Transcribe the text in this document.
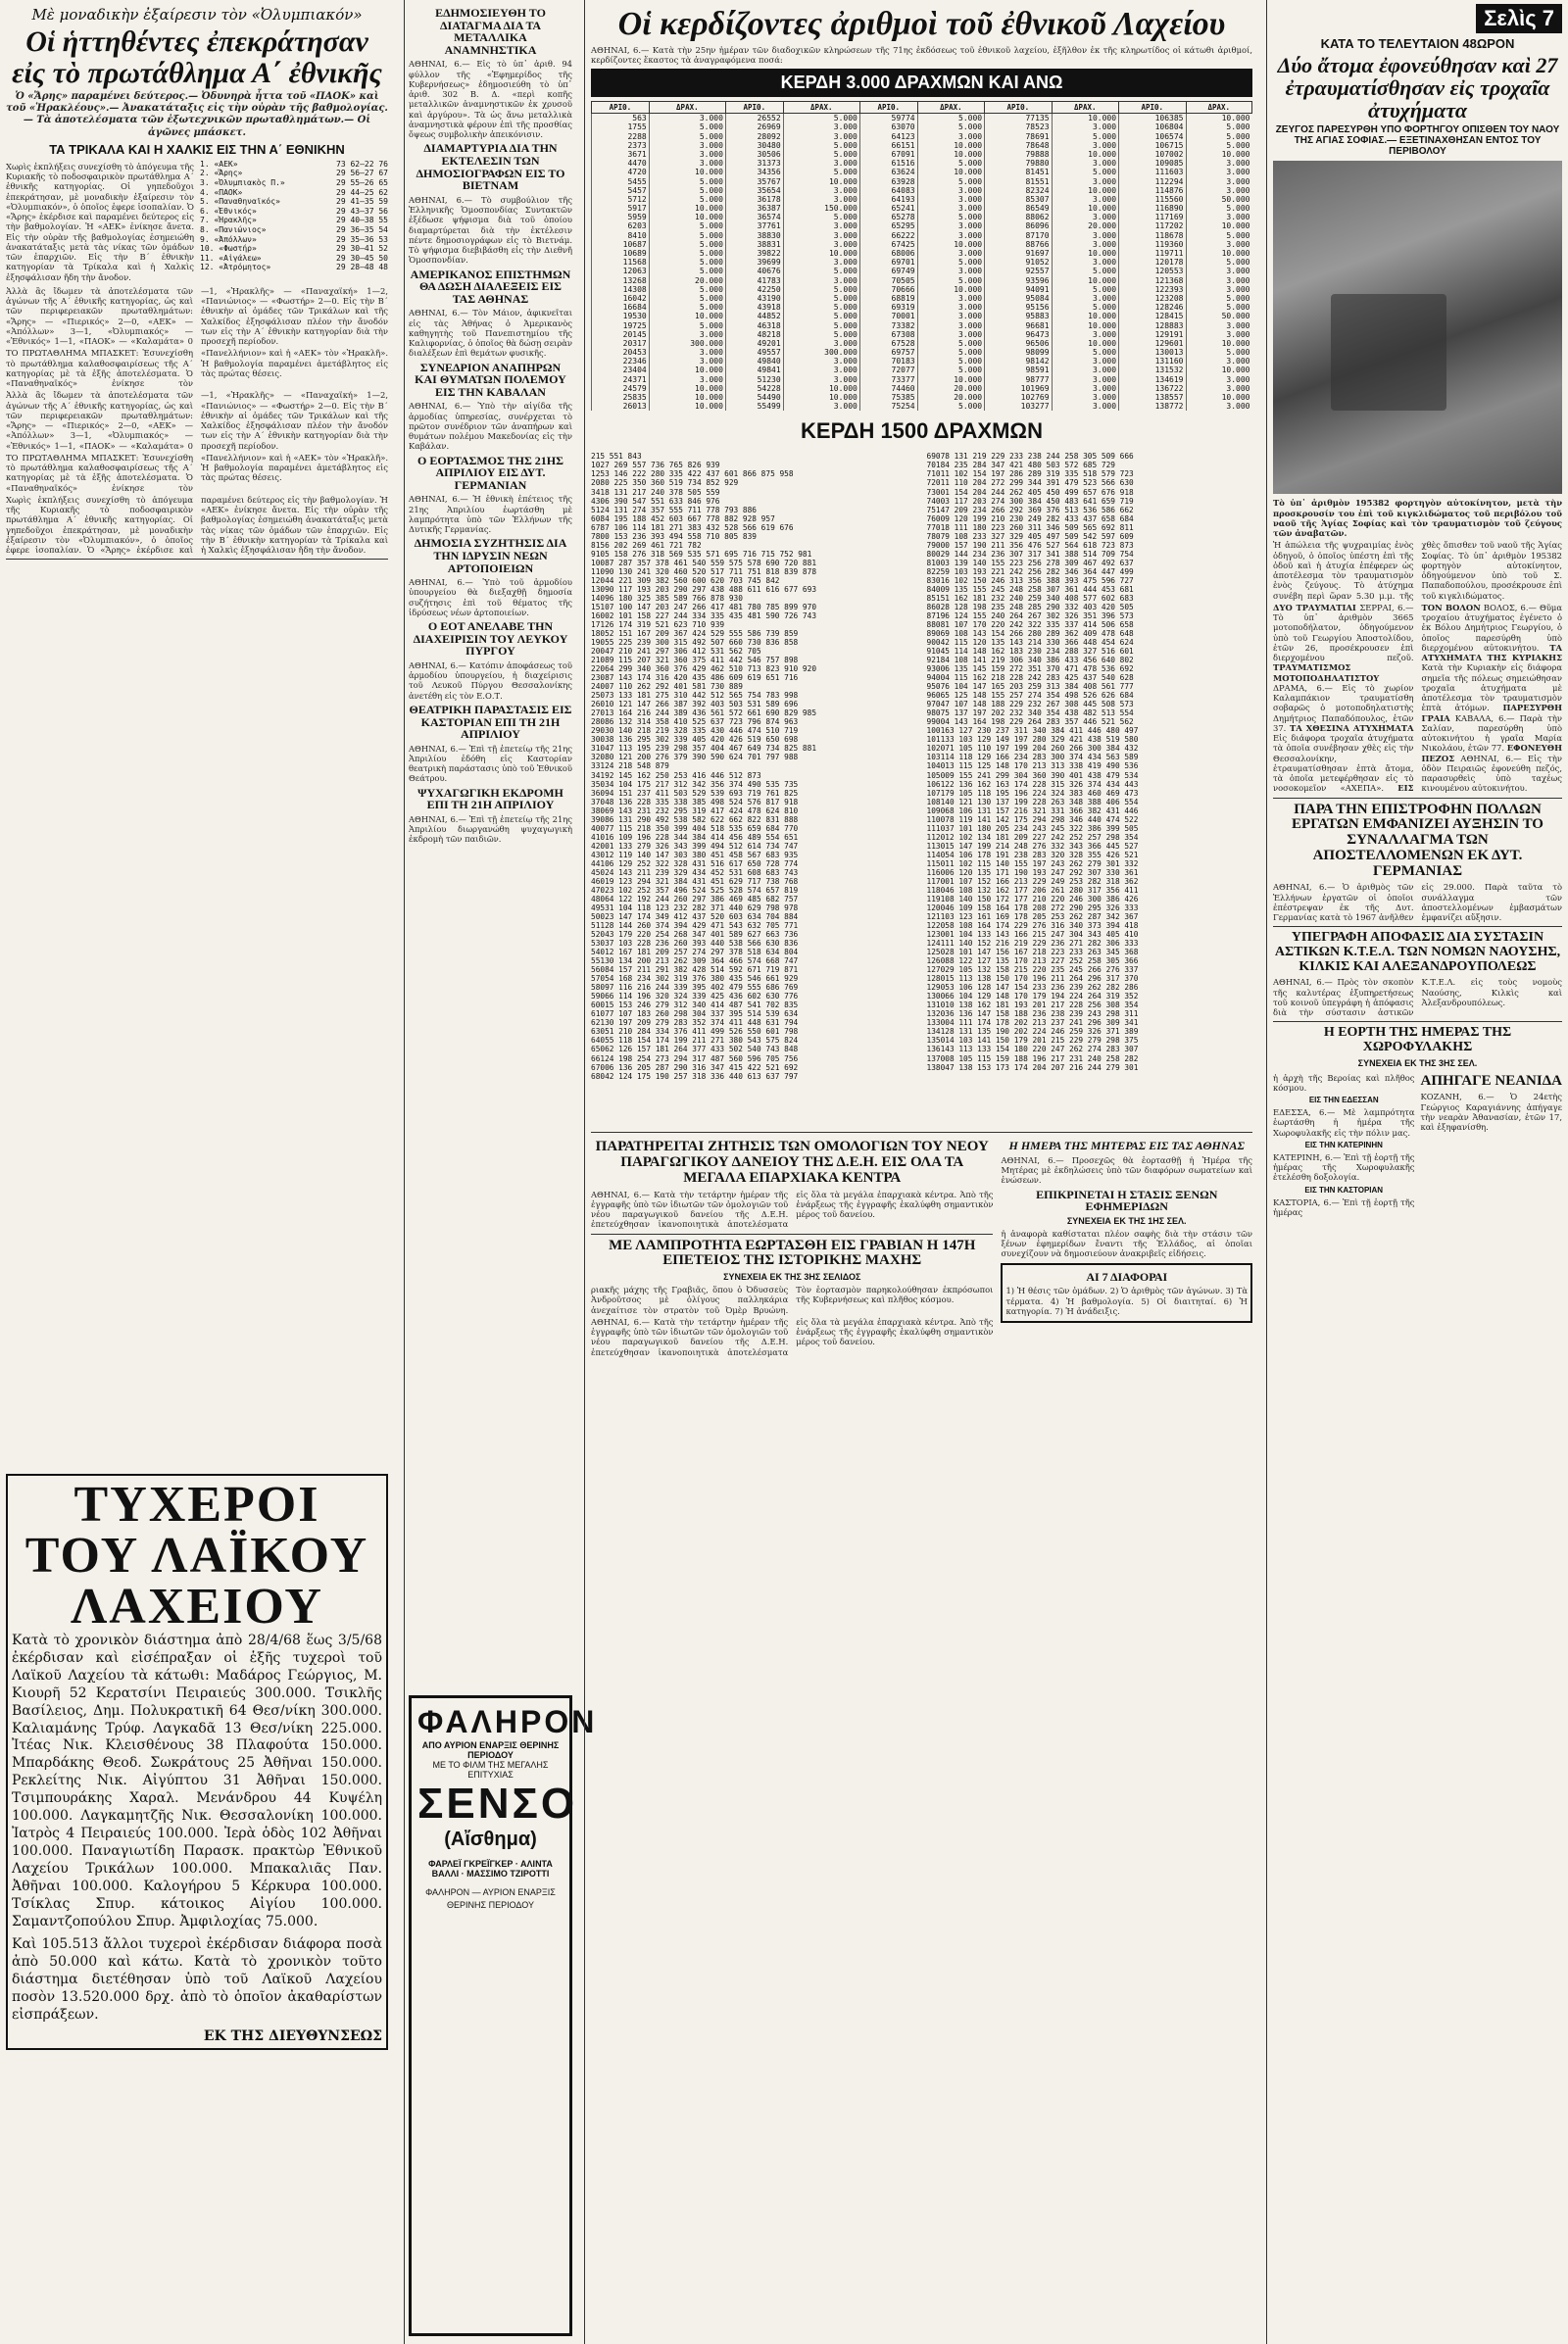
Μὲ μοναδικὴν ἐξαίρεσιν τὸν «Ὀλυμπιακόν»
Οἱ ἡττηθέντες ἐπεκράτησαν εἰς τὸ πρωτάθλημα Α΄ ἐθνικῆς
Ὁ «Ἄρης» παραμένει δεύτερος.— Ὀδυνηρὰ ἧττα τοῦ «ΠΑΟΚ» καὶ τοῦ «Ἡρακλέους».— Ἀνακατάταξις εἰς τὴν οὐρὰν τῆς βαθμολογίας.— Τὰ ἀποτελέσματα τῶν ἐξωτεχνικῶν πρωταθλημάτων.— Οἱ ἀγῶνες μπάσκετ.
ΤΑ ΤΡΙΚΑΛΑ ΚΑΙ Η ΧΑΛΚΙΣ ΕΙΣ ΤΗΝ Α΄ ΕΘΝΙΚΗΝ
Χωρὶς ἐκπλήξεις συνεχίσθη τὸ ἀπόγευμα τῆς Κυριακῆς τὸ ποδοσφαιρικὸν πρωτάθλημα Α΄ ἐθνικῆς κατηγορίας. Οἱ γηπεδοῦχοι ἐπεκράτησαν, μὲ μοναδικὴν ἐξαίρεσιν τὸν «Ὀλυμπιακόν», ὁ ὁποῖος ἐφερε ἰσοπαλίαν. Ὁ «Ἄρης» ἐκέρδισε καὶ παραμένει δεύτερος εἰς τὴν βαθμολογίαν. Ἡ «ΑΕΚ» ἐνίκησε ἄνετα. Εἰς τὴν οὐρὰν τῆς βαθμολογίας ἐσημειώθη ἀνακατάταξις μετὰ τὰς νίκας τῶν ὁμάδων τῶν ἐπαρχιῶν. Εἰς τὴν Β΄ ἐθνικὴν κατηγορίαν τὰ Τρίκαλα καὶ ἡ Χαλκὶς ἐξησφάλισαν ἤδη τὴν ἄνοδον.
1. «ΑΕΚ»	73 62—22 76
2. «Ἄρης»	29 56—27 67
3. «Ὀλυμπιακὸς Π.»	29 55—26 65
4. «ΠΑΟΚ»	29 44—25 62
5. «Παναθηναϊκός»	29 41—35 59
6. «Ἐθνικός»	29 43—37 56
7. «Ἠρακλῆς»	29 40—38 55
8. «Πανιώνιος»	29 36—35 54
9. «Ἀπόλλων»	29 35—36 53
10. «Φωστήρ»	29 30—41 52
11. «Αἰγάλεω»	29 30—45 50
12. «Ἀτρόμητος»	29 28—48 48
Ἀλλὰ ἂς ἴδωμεν τὰ ἀποτελέσματα τῶν ἀγώνων τῆς Α΄ ἐθνικῆς κατηγορίας, ὡς καὶ τῶν περιφερειακῶν πρωταθλημάτων: «Ἄρης» — «Πιερικός» 2—0, «ΑΕΚ» — «Ἀπόλλων» 3—1, «Ὀλυμπιακός» — «Ἐθνικός» 1—1, «ΠΑΟΚ» — «Καλαμάτα» 0—1, «Ἠρακλῆς» — «Παναχαϊκή» 1—2, «Πανιώνιος» — «Φωστήρ» 2—0. Εἰς τὴν Β΄ ἐθνικὴν αἱ ὁμάδες τῶν Τρικάλων καὶ τῆς Χαλκίδος ἐξησφάλισαν πλέον τὴν ἄνοδόν των εἰς τὴν Α΄ ἐθνικὴν κατηγορίαν διὰ τὴν προσεχῆ περίοδον.
ΤΟ ΠΡΩΤΑΘΛΗΜΑ ΜΠΑΣΚΕΤ: Ἐσυνεχίσθη τὸ πρωτάθλημα καλαθοσφαιρίσεως τῆς Α΄ κατηγορίας μὲ τὰ ἑξῆς ἀποτελέσματα. Ὁ «Παναθηναϊκός» ἐνίκησε τὸν «Πανελλήνιον» καὶ ἡ «ΑΕΚ» τὸν «Ἠρακλῆ». Ἡ βαθμολογία παραμένει ἀμετάβλητος εἰς τὰς πρώτας θέσεις.
Ἀλλὰ ἂς ἴδωμεν τὰ ἀποτελέσματα τῶν ἀγώνων τῆς Α΄ ἐθνικῆς κατηγορίας, ὡς καὶ τῶν περιφερειακῶν πρωταθλημάτων: «Ἄρης» — «Πιερικός» 2—0, «ΑΕΚ» — «Ἀπόλλων» 3—1, «Ὀλυμπιακός» — «Ἐθνικός» 1—1, «ΠΑΟΚ» — «Καλαμάτα» 0—1, «Ἠρακλῆς» — «Παναχαϊκή» 1—2, «Πανιώνιος» — «Φωστήρ» 2—0. Εἰς τὴν Β΄ ἐθνικὴν αἱ ὁμάδες τῶν Τρικάλων καὶ τῆς Χαλκίδος ἐξησφάλισαν πλέον τὴν ἄνοδόν των εἰς τὴν Α΄ ἐθνικὴν κατηγορίαν διὰ τὴν προσεχῆ περίοδον.
ΤΟ ΠΡΩΤΑΘΛΗΜΑ ΜΠΑΣΚΕΤ: Ἐσυνεχίσθη τὸ πρωτάθλημα καλαθοσφαιρίσεως τῆς Α΄ κατηγορίας μὲ τὰ ἑξῆς ἀποτελέσματα. Ὁ «Παναθηναϊκός» ἐνίκησε τὸν «Πανελλήνιον» καὶ ἡ «ΑΕΚ» τὸν «Ἠρακλῆ». Ἡ βαθμολογία παραμένει ἀμετάβλητος εἰς τὰς πρώτας θέσεις.
Χωρὶς ἐκπλήξεις συνεχίσθη τὸ ἀπόγευμα τῆς Κυριακῆς τὸ ποδοσφαιρικὸν πρωτάθλημα Α΄ ἐθνικῆς κατηγορίας. Οἱ γηπεδοῦχοι ἐπεκράτησαν, μὲ μοναδικὴν ἐξαίρεσιν τὸν «Ὀλυμπιακόν», ὁ ὁποῖος ἐφερε ἰσοπαλίαν. Ὁ «Ἄρης» ἐκέρδισε καὶ παραμένει δεύτερος εἰς τὴν βαθμολογίαν. Ἡ «ΑΕΚ» ἐνίκησε ἄνετα. Εἰς τὴν οὐρὰν τῆς βαθμολογίας ἐσημειώθη ἀνακατάταξις μετὰ τὰς νίκας τῶν ὁμάδων τῶν ἐπαρχιῶν. Εἰς τὴν Β΄ ἐθνικὴν κατηγορίαν τὰ Τρίκαλα καὶ ἡ Χαλκὶς ἐξησφάλισαν ἤδη τὴν ἄνοδον.
ΤΥΧΕΡΟΙ ΤΟΥ ΛΑΪΚΟΥ ΛΑΧΕΙΟΥ
Κατὰ τὸ χρονικὸν διάστημα ἀπὸ 28/4/68 ἕως 3/5/68 ἐκέρδισαν καὶ εἰσέπραξαν οἱ ἑξῆς τυχεροὶ τοῦ Λαϊκοῦ Λαχείου τὰ κάτωθι: Μαδάρος Γεώργιος, Μ. Κιουρῆ 52 Κερατσίνι Πειραιεύς 300.000. Τσικλῆς Βασίλειος, Δημ. Πολυκρατικῆ 64 Θεσ/νίκη 300.000. Καλιαμάνης Τρύφ. Λαγκαδᾶ 13 Θεσ/νίκη 225.000. Ἰτέας Νικ. Κλεισθένους 38 Πλαφούτα 150.000. Μπαρδάκης Θεοδ. Σωκράτους 25 Ἀθῆναι 150.000. Ρεκλείτης Νικ. Αἰγύπτου 31 Ἀθῆναι 150.000. Τσιμπουράκης Χαραλ. Μενάνδρου 44 Κυψέλη 100.000. Λαγκαμητζῆς Νικ. Θεσσαλονίκη 100.000. Ἰατρὸς 4 Πειραιεύς 100.000. Ἰερὰ ὁδὸς 102 Ἀθῆναι 100.000. Παναγιωτίδη Παρασκ. πρακτὼρ Ἐθνικοῦ Λαχείου Τρικάλων 100.000. Μπακαλιᾶς Παν. Ἀθῆναι 100.000. Καλογήρου 5 Κέρκυρα 100.000. Τσίκλας Σπυρ. κάτοικος Αἰγίου 100.000. Σαμαντζοπούλου Σπυρ. Ἀμφιλοχίας 75.000.
Καὶ 105.513 ἄλλοι τυχεροὶ ἐκέρδισαν διάφορα ποσὰ ἀπὸ 50.000 καὶ κάτω. Κατὰ τὸ χρονικὸν τοῦτο διάστημα διετέθησαν ὑπὸ τοῦ Λαϊκοῦ Λαχείου ποσὸν 13.520.000 δρχ. ἀπὸ τὸ ὁποῖον ἀκαθαρίστων εἰσπράξεων.
ΕΚ ΤΗΣ ΔΙΕΥΘΥΝΣΕΩΣ
ΕΔΗΜΟΣΙΕΥΘΗ ΤΟ ΔΙΑΤΑΓΜΑ ΔΙΑ ΤΑ ΜΕΤΑΛΛΙΚΑ ΑΝΑΜΝΗΣΤΙΚΑ
ΑΘΗΝΑΙ, 6.— Εἰς τὸ ὑπ᾽ ἀριθ. 94 φύλλον τῆς «Ἐφημερίδος τῆς Κυβερνήσεως» ἐδημοσιεύθη τὸ ὑπ᾽ ἀριθ. 302 Β. Δ. «περὶ κοπῆς μεταλλικῶν ἀναμνηστικῶν ἐκ χρυσοῦ καὶ ἀργύρου». Τὰ ὡς ἄνω μεταλλικὰ ἀναμνηστικὰ φέρουν ἐπὶ τῆς προσθίας ὄψεως συμβολικὴν ἀπεικόνισιν.
ΔΙΑΜΑΡΤΥΡΙΑ ΔΙΑ ΤΗΝ ΕΚΤΕΛΕΣΙΝ ΤΩΝ ΔΗΜΟΣΙΟΓΡΑΦΩΝ ΕΙΣ ΤΟ ΒΙΕΤΝΑΜ
ΑΘΗΝΑΙ, 6.— Τὸ συμβούλιον τῆς Ἑλληνικῆς Ὁμοσπονδίας Συντακτῶν ἐξέδωσε ψήφισμα διὰ τοῦ ὁποίου διαμαρτύρεται διὰ τὴν ἐκτέλεσιν πέντε δημοσιογράφων εἰς τὸ Βιετνάμ. Τὸ ψήφισμα διεβιβάσθη εἰς τὴν Διεθνῆ Ὁμοσπονδίαν.
ΑΜΕΡΙΚΑΝΟΣ ΕΠΙΣΤΗΜΩΝ ΘΑ ΔΩΣΗ ΔΙΑΛΕΞΕΙΣ ΕΙΣ ΤΑΣ ΑΘΗΝΑΣ
ΑΘΗΝΑΙ, 6.— Τὸν Μάιον, ἀφικνεῖται εἰς τὰς Ἀθήνας ὁ Ἀμερικανὸς καθηγητὴς τοῦ Πανεπιστημίου τῆς Καλιφορνίας, ὁ ὁποῖος θὰ δώσῃ σειρὰν διαλέξεων ἐπὶ θεμάτων φυσικῆς.
ΣΥΝΕΔΡΙΟΝ ΑΝΑΠΗΡΩΝ ΚΑΙ ΘΥΜΑΤΩΝ ΠΟΛΕΜΟΥ ΕΙΣ ΤΗΝ ΚΑΒΑΛΑΝ
ΑΘΗΝΑΙ, 6.— Ὑπὸ τὴν αἰγίδα τῆς ἁρμοδίας ὑπηρεσίας, συνέρχεται τὸ πρῶτον συνέδριον τῶν ἀναπήρων καὶ θυμάτων πολέμου Μακεδονίας εἰς τὴν Καβάλαν.
Ο ΕΟΡΤΑΣΜΟΣ ΤΗΣ 21ΗΣ ΑΠΡΙΛΙΟΥ ΕΙΣ ΔΥΤ. ΓΕΡΜΑΝΙΑΝ
ΑΘΗΝΑΙ, 6.— Ἡ ἐθνικὴ ἐπέτειος τῆς 21ης Ἀπριλίου ἑωρτάσθη μὲ λαμπρότητα ὑπὸ τῶν Ἑλλήνων τῆς Δυτικῆς Γερμανίας.
ΔΗΜΟΣΙΑ ΣΥΖΗΤΗΣΙΣ ΔΙΑ ΤΗΝ ΙΔΡΥΣΙΝ ΝΕΩΝ ΑΡΤΟΠΟΙΕΙΩΝ
ΑΘΗΝΑΙ, 6.— Ὑπὸ τοῦ ἁρμοδίου ὑπουργείου θὰ διεξαχθῇ δημοσία συζήτησις ἐπὶ τοῦ θέματος τῆς ἱδρύσεως νέων ἀρτοποιείων.
Ο ΕΟΤ ΑΝΕΛΑΒΕ ΤΗΝ ΔΙΑΧΕΙΡΙΣΙΝ ΤΟΥ ΛΕΥΚΟΥ ΠΥΡΓΟΥ
ΑΘΗΝΑΙ, 6.— Κατόπιν ἀποφάσεως τοῦ ἁρμοδίου ὑπουργείου, ἡ διαχείρισις τοῦ Λευκοῦ Πύργου Θεσσαλονίκης ἀνετέθη εἰς τὸν Ε.Ο.Τ.
ΘΕΑΤΡΙΚΗ ΠΑΡΑΣΤΑΣΙΣ ΕΙΣ ΚΑΣΤΟΡΙΑΝ ΕΠΙ ΤΗ 21Η ΑΠΡΙΛΙΟΥ
ΑΘΗΝΑΙ, 6.— Ἐπὶ τῇ ἐπετείῳ τῆς 21ης Ἀπριλίου ἐδόθη εἰς Καστορίαν θεατρικὴ παράστασις ὑπὸ τοῦ Ἐθνικοῦ Θεάτρου.
ΨΥΧΑΓΩΓΙΚΗ ΕΚΔΡΟΜΗ ΕΠΙ ΤΗ 21Η ΑΠΡΙΛΙΟΥ
ΑΘΗΝΑΙ, 6.— Ἐπὶ τῇ ἐπετείῳ τῆς 21ης Ἀπριλίου διωργανώθη ψυχαγωγικὴ ἐκδρομὴ τῶν παιδιῶν.
ΦΑΛΗΡΟΝ
ΑΠΟ ΑΥΡΙΟΝ ΕΝΑΡΞΙΣ ΘΕΡΙΝΗΣ ΠΕΡΙΟΔΟΥ
ΜΕ ΤΟ ΦΙΛΜ ΤΗΣ ΜΕΓΑΛΗΣ ΕΠΙΤΥΧΙΑΣ
ΣΕΝΣΟ
(Αἴσθημα)
ΦΑΡΛΕΪ ΓΚΡΕΪΓΚΕΡ · ΑΛΙΝΤΑ ΒΑΛΛΙ · ΜΑΣΣΙΜΟ ΤΖΙΡΟΤΤΙ
ΦΑΛΗΡΟΝ — ΑΥΡΙΟΝ ΕΝΑΡΞΙΣ ΘΕΡΙΝΗΣ ΠΕΡΙΟΔΟΥ
Οἱ κερδίζοντες ἀριθμοὶ τοῦ ἐθνικοῦ Λαχείου
ΑΘΗΝΑΙ, 6.— Κατὰ τὴν 25ην ἡμέραν τῶν διαδοχικῶν κληρώσεων τῆς 71ης ἐκδόσεως τοῦ ἐθνικοῦ λαχείου, ἐξῆλθον ἐκ τῆς κληρωτίδος οἱ κάτωθι ἀριθμοί, κερδίζοντες ἕκαστος τὰ ἀναγραφόμενα ποσά:
ΚΕΡΔΗ 3.000 ΔΡΑΧΜΩΝ ΚΑΙ ΑΝΩ
ΑΡΙΘ.	ΔΡΑΧ.	ΑΡΙΘ.	ΔΡΑΧ.	ΑΡΙΘ.	ΔΡΑΧ.	ΑΡΙΘ.	ΔΡΑΧ.	ΑΡΙΘ.	ΔΡΑΧ.
563	3.000	26552	5.000	59774	5.000	77135	10.000	106385	10.000
1755	5.000	26969	3.000	63070	5.000	78523	3.000	106804	5.000
2288	5.000	28092	3.000	64123	3.000	78691	5.000	106574	5.000
2373	3.000	30480	5.000	66151	10.000	78648	3.000	106715	5.000
3671	3.000	30506	5.000	67091	10.000	79888	10.000	107002	10.000
4470	3.000	31373	3.000	61516	5.000	79880	3.000	109085	3.000
4720	10.000	34356	5.000	63624	10.000	81451	5.000	111603	3.000
5455	5.000	35767	10.000	63928	5.000	81551	3.000	112294	3.000
5457	5.000	35654	3.000	64083	3.000	82324	10.000	114876	3.000
5712	5.000	36178	3.000	64193	3.000	85307	3.000	115560	50.000
5917	10.000	36387	150.000	65241	3.000	86549	10.000	116890	5.000
5959	10.000	36574	5.000	65278	5.000	88062	3.000	117169	3.000
6203	5.000	37761	3.000	65295	3.000	86096	20.000	117202	10.000
8410	5.000	38830	3.000	66222	3.000	87170	3.000	118678	5.000
10687	5.000	38831	3.000	67425	10.000	88766	3.000	119360	3.000
10689	5.000	39822	10.000	68006	3.000	91697	10.000	119711	10.000
11568	5.000	39699	3.000	69701	5.000	91052	3.000	120178	5.000
12063	5.000	40676	5.000	69749	3.000	92557	5.000	120553	3.000
13268	20.000	41783	3.000	70505	5.000	93596	10.000	121368	3.000
14308	5.000	42250	5.000	70666	10.000	94091	5.000	122393	3.000
16042	5.000	43190	5.000	68819	3.000	95084	3.000	123208	5.000
16684	5.000	43918	5.000	69319	3.000	95156	5.000	128246	5.000
19530	10.000	44852	5.000	70001	3.000	95883	10.000	128415	50.000
19725	5.000	46318	5.000	73382	3.000	96681	10.000	128883	3.000
20145	3.000	48218	5.000	67308	3.000	96473	3.000	129191	3.000
20317	300.000	49201	3.000	67528	5.000	96506	10.000	129601	10.000
20453	3.000	49557	300.000	69757	5.000	98099	5.000	130013	5.000
22346	3.000	49840	3.000	70183	5.000	98142	3.000	131160	3.000
23404	10.000	49841	3.000	72077	5.000	98591	3.000	131532	10.000
24371	3.000	51230	3.000	73377	10.000	98777	3.000	134619	3.000
24579	10.000	54228	10.000	74460	20.000	101969	3.000	136722	3.000
25835	10.000	54490	10.000	75385	20.000	102769	3.000	138557	10.000
26013	10.000	55499	3.000	75254	5.000	103277	3.000	138772	3.000
ΚΕΡΔΗ 1500 ΔΡΑΧΜΩΝ
215 551 843
1027 269 557 736 765 826 939
1253 146 222 280 335 422 437 601 866 875 958
2080 225 350 360 519 734 852 929
3418 131 217 240 378 505 559
4306 390 547 551 633 846 976
5124 131 274 357 555 711 778 793 886
6084 195 188 452 603 667 778 882 928 957
6787 106 114 181 271 383 432 528 566 619 676
7800 153 236 393 494 558 710 805 839
8156 202 269 461 721 782
9105 158 276 318 569 535 571 695 716 715 752 981
10087 287 357 378 461 540 559 575 578 690 720 881
11090 130 241 320 460 520 517 711 751 818 839 878
12044 221 309 382 560 600 620 703 745 842
13090 117 193 203 290 297 438 488 611 616 677 693
14096 180 325 385 589 766 878 930
15107 100 147 203 247 266 417 481 780 785 899 970
16002 101 158 227 244 334 335 435 481 590 726 743
17126 174 319 521 623 710 939
18052 151 167 209 367 424 529 555 586 739 859
19055 225 239 300 315 492 507 660 730 836 858
20047 210 241 297 306 412 531 562 705
21089 115 207 321 360 375 411 442 546 757 898
22064 299 340 360 376 429 462 510 713 823 910 920
23087 143 174 316 420 435 486 609 619 651 716
24007 110 262 292 401 581 730 889
25073 133 181 275 310 442 512 565 754 783 998
26010 121 147 266 387 392 403 503 531 589 696
27013 164 216 244 389 436 561 572 661 690 829 985
28086 132 314 358 410 525 637 723 796 874 963
29030 140 218 219 328 335 430 446 474 510 719
30038 136 295 302 339 405 420 426 519 650 698
31047 113 195 239 298 357 404 467 649 734 825 881
32080 121 200 276 379 390 590 624 701 797 988
33124 218 548 879
34192 145 162 250 253 416 446 512 873
35034 104 175 217 312 342 356 374 490 535 735
36094 151 237 411 503 529 539 693 719 761 825
37048 136 228 335 338 385 498 524 576 817 918
38069 143 231 232 295 319 417 424 478 624 810
39086 131 290 492 538 582 622 662 822 831 888
40077 115 218 350 399 404 518 535 659 684 770
41016 109 196 228 344 384 414 456 489 554 651
42001 133 279 326 343 399 494 512 614 734 747
43012 119 140 147 303 380 451 458 567 683 935
44106 129 252 322 328 431 516 617 650 728 774
45024 143 211 239 329 434 452 531 608 683 743
46019 123 294 321 384 431 451 629 717 738 768
47023 102 252 357 496 524 525 528 574 657 819
48064 122 192 244 260 297 386 469 485 682 757
49531 104 118 123 232 282 371 440 629 798 978
50023 147 174 349 412 437 520 603 634 704 884
51128 144 260 374 394 429 471 543 632 705 771
52043 179 220 254 268 347 401 589 627 663 736
53037 103 228 236 260 393 440 538 566 630 836
54012 167 181 209 257 274 297 378 518 634 804
55130 134 200 213 262 309 364 466 574 668 747
56084 157 211 291 382 428 514 592 671 719 871
57054 168 234 302 319 376 380 435 546 661 929
58097 116 216 244 339 395 402 479 555 686 769
59066 114 196 320 324 339 425 436 602 630 776
60015 153 246 279 312 340 414 487 541 702 835
61077 107 183 260 298 304 337 395 514 539 634
62130 197 209 279 283 352 374 411 448 631 794
63051 210 284 334 376 411 499 526 550 601 798
64055 118 154 174 199 211 271 380 543 575 824
65062 126 157 181 264 377 433 502 540 743 848
66124 198 254 273 294 317 487 560 596 705 756
67006 136 205 287 290 316 347 415 422 521 692
68042 124 175 190 257 318 336 440 613 637 797
69078 131 219 229 233 238 244 258 305 509 666
70184 235 284 347 421 480 503 572 685 729
71011 102 154 197 286 289 319 335 518 579 723
72011 110 204 272 299 344 391 479 523 566 630
73001 154 204 244 262 405 450 499 657 676 918
74003 117 203 274 300 384 450 483 641 659 719
75147 209 234 266 292 369 376 513 536 586 662
76009 120 199 210 230 249 282 433 437 658 684
77018 111 180 223 260 311 346 509 565 692 811
78079 108 233 327 329 405 497 509 542 597 609
79000 157 190 211 356 476 527 564 618 723 873
80029 144 234 236 307 317 341 388 514 709 754
81003 139 140 155 223 256 278 309 467 492 637
82259 103 193 221 242 256 282 346 364 447 499
83016 102 150 246 313 356 388 393 475 596 727
84009 135 155 245 248 258 307 361 444 453 681
85151 162 181 232 240 259 340 408 577 602 683
86028 128 198 235 248 285 290 332 403 420 505
87196 124 155 240 264 267 302 326 351 396 573
88081 107 170 220 242 322 335 337 414 506 658
89069 108 143 154 266 280 289 362 409 478 648
90042 115 120 135 143 214 330 366 448 454 624
91045 114 148 162 183 230 234 288 327 516 601
92184 108 141 219 306 340 386 433 456 640 802
93006 135 145 159 272 351 370 471 478 536 692
94004 115 162 218 228 242 283 425 437 540 628
95076 104 147 165 203 259 313 384 408 561 777
96065 125 148 155 257 274 354 498 526 626 684
97047 107 148 188 229 232 267 308 445 508 573
98075 137 197 202 232 340 354 438 482 513 554
99004 143 164 198 229 264 283 357 446 521 562
100163 127 230 237 311 340 384 411 446 480 497
101133 103 129 149 197 280 329 421 438 519 580
102071 105 110 197 199 204 260 266 300 384 432
103114 118 129 166 234 283 300 374 434 563 589
104013 115 125 148 170 213 313 338 419 490 536
105009 155 241 299 304 360 390 401 438 479 534
106122 136 162 163 174 228 315 326 374 434 443
107179 105 118 195 196 224 324 383 460 469 473
108140 121 130 137 199 228 263 348 388 406 554
109068 106 131 157 216 321 331 366 382 431 446
110078 119 141 142 175 294 298 346 440 474 522
111037 101 180 205 234 243 245 322 386 399 505
112012 102 134 181 209 227 242 252 257 298 354
113015 147 199 214 248 276 332 343 366 445 527
114054 106 178 191 238 283 320 328 355 426 521
115011 102 115 140 155 197 243 262 279 301 332
116006 120 135 171 190 193 247 292 307 330 361
117001 107 152 166 213 229 249 253 282 318 362
118046 108 132 162 177 206 261 280 317 356 411
119108 140 150 172 177 210 220 246 300 386 426
120046 109 158 164 178 208 272 290 295 326 333
121103 123 161 169 178 205 253 262 287 342 367
122058 108 164 174 229 276 316 340 373 394 418
123001 104 133 143 166 215 247 304 343 405 410
124111 140 152 216 219 229 236 271 282 306 333
125028 101 147 156 167 218 223 233 263 345 368
126088 122 127 135 170 213 227 252 258 305 366
127029 105 132 158 215 220 235 245 266 276 337
128015 113 138 150 170 196 211 264 296 317 370
129053 106 128 147 154 233 236 239 262 282 286
130066 104 129 148 170 179 194 224 264 319 352
131010 138 162 181 193 201 217 228 256 308 354
132036 136 147 158 188 236 238 239 243 298 311
133004 111 174 178 202 213 237 241 296 309 341
134128 131 135 190 202 224 246 259 326 371 389
135014 103 141 150 179 201 215 229 279 298 375
136143 113 133 154 180 220 247 262 274 283 307
137008 105 115 159 188 196 217 231 240 258 282
138047 138 153 173 174 204 207 216 244 279 301
ΠΑΡΑΤΗΡΕΙΤΑΙ ΖΗΤΗΣΙΣ ΤΩΝ ΟΜΟΛΟΓΙΩΝ ΤΟΥ ΝΕΟΥ ΠΑΡΑΓΩΓΙΚΟΥ ΔΑΝΕΙΟΥ ΤΗΣ Δ.Ε.Η. ΕΙΣ ΟΛΑ ΤΑ ΜΕΓΑΛΑ ΕΠΑΡΧΙΑΚΑ ΚΕΝΤΡΑ
ΑΘΗΝΑΙ, 6.— Κατὰ τὴν τετάρτην ἡμέραν τῆς ἐγγραφῆς ὑπὸ τῶν ἰδιωτῶν τῶν ὁμολογιῶν τοῦ νέου παραγωγικοῦ δανείου τῆς Δ.Ε.Η. ἐπετεύχθησαν ἱκανοποιητικὰ ἀποτελέσματα εἰς ὅλα τὰ μεγάλα ἐπαρχιακὰ κέντρα. Ἀπὸ τῆς ἐνάρξεως τῆς ἐγγραφῆς ἐκαλύφθη σημαντικὸν μέρος τοῦ δανείου.
ΜΕ ΛΑΜΠΡΟΤΗΤΑ ΕΩΡΤΑΣΘΗ ΕΙΣ ΓΡΑΒΙΑΝ Η 147Η ΕΠΕΤΕΙΟΣ ΤΗΣ ΙΣΤΟΡΙΚΗΣ ΜΑΧΗΣ
ΣΥΝΕΧΕΙΑ ΕΚ ΤΗΣ 3ΗΣ ΣΕΛΙΔΟΣ
ριακῆς μάχης τῆς Γραβιᾶς, ὅπου ὁ Ὀδυσσεὺς Ἀνδροῦτσος μὲ ὀλίγους παλληκάρια ἀνεχαίτισε τὸν στρατὸν τοῦ Ὀμὲρ Βρυώνη. Τὸν ἑορτασμὸν παρηκολούθησαν ἐκπρόσωποι τῆς Κυβερνήσεως καὶ πλῆθος κόσμου.
ΑΘΗΝΑΙ, 6.— Κατὰ τὴν τετάρτην ἡμέραν τῆς ἐγγραφῆς ὑπὸ τῶν ἰδιωτῶν τῶν ὁμολογιῶν τοῦ νέου παραγωγικοῦ δανείου τῆς Δ.Ε.Η. ἐπετεύχθησαν ἱκανοποιητικὰ ἀποτελέσματα εἰς ὅλα τὰ μεγάλα ἐπαρχιακὰ κέντρα. Ἀπὸ τῆς ἐνάρξεως τῆς ἐγγραφῆς ἐκαλύφθη σημαντικὸν μέρος τοῦ δανείου.
Η ΗΜΕΡΑ ΤΗΣ ΜΗΤΕΡΑΣ ΕΙΣ ΤΑΣ ΑΘΗΝΑΣ
ΑΘΗΝΑΙ, 6.— Προσεχῶς θὰ ἑορτασθῇ ἡ Ἡμέρα τῆς Μητέρας μὲ ἐκδηλώσεις ὑπὸ τῶν διαφόρων σωματείων καὶ ἑνώσεων.
ΕΠΙΚΡΙΝΕΤΑΙ Η ΣΤΑΣΙΣ ΞΕΝΩΝ ΕΦΗΜΕΡΙΔΩΝ
ΣΥΝΕΧΕΙΑ ΕΚ ΤΗΣ 1ΗΣ ΣΕΛ.
ἡ ἀναφορὰ καθίσταται πλέον σαφὴς διὰ τὴν στάσιν τῶν ξένων ἐφημερίδων ἔναντι τῆς Ἑλλάδος, αἱ ὁποῖαι συνεχίζουν νὰ δημοσιεύουν ἀνακριβεῖς εἰδήσεις.
ΑΙ 7 ΔΙΑΦΟΡΑΙ
1) Ἡ θέσις τῶν ὁμάδων. 2) Ὁ ἀριθμὸς τῶν ἀγώνων. 3) Τὰ τέρματα. 4) Ἡ βαθμολογία. 5) Οἱ διαιτηταί. 6) Ἡ κατηγορία. 7) Ἡ ἀνάδειξις.
Σελὶς 7
ΚΑΤΑ ΤΟ ΤΕΛΕΥΤΑΙΟΝ 48ΩΡΟΝ
Δύο ἄτομα ἐφονεύθησαν καὶ 27 ἐτραυματίσθησαν εἰς τροχαῖα ἀτυχήματα
ΖΕΥΓΟΣ ΠΑΡΕΣΥΡΘΗ ΥΠΟ ΦΟΡΤΗΓΟΥ ΟΠΙΣΘΕΝ ΤΟΥ ΝΑΟΥ ΤΗΣ ΑΓΙΑΣ ΣΟΦΙΑΣ.— ΕΞΕΤΙΝΑΧΘΗΣΑΝ ΕΝΤΟΣ ΤΟΥ ΠΕΡΙΒΟΛΟΥ
Τὸ ὑπ᾽ ἀριθμὸν 195382 φορτηγὸν αὐτοκίνητον, μετὰ τὴν προσκρουσίν του ἐπὶ τοῦ κιγκλιδώματος τοῦ περιβόλου τοῦ ναοῦ τῆς Ἁγίας Σοφίας καὶ τὸν τραυματισμὸν τοῦ ζεύγους τῶν ἀναβατῶν.
Ἡ ἀπώλεια τῆς ψυχραιμίας ἑνὸς ὁδηγοῦ, ὁ ὁποῖος ὑπέστη ἐπὶ τῆς ὁδοῦ καὶ ἡ ἀτυχία ἐπέφερεν ὡς ἀποτέλεσμα τὸν τραυματισμὸν ἑνὸς ζεύγους. Τὸ ἀτύχημα συνέβη περὶ ὥραν 5.30 μ.μ. τῆς χθὲς ὄπισθεν τοῦ ναοῦ τῆς Ἁγίας Σοφίας. Τὸ ὑπ᾽ ἀριθμὸν 195382 φορτηγὸν αὐτοκίνητον, ὁδηγούμενον ὑπὸ τοῦ Σ. Παπαδοπούλου, προσέκρουσε ἐπὶ τοῦ κιγκλιδώματος.
ΔΥΟ ΤΡΑΥΜΑΤΙΑΙ ΣΕΡΡΑΙ, 6.— Τὸ ὑπ᾽ ἀριθμὸν 3665 μοτοποδήλατον, ὁδηγούμενον ὑπὸ τοῦ Γεωργίου Ἀποστολίδου, ἐτῶν 26, προσέκρουσεν ἐπὶ διερχομένου πεζοῦ. ΤΡΑΥΜΑΤΙΣΜΟΣ ΜΟΤΟΠΟΔΗΛΑΤΙΣΤΟΥ ΔΡΑΜΑ, 6.— Εἰς τὸ χωρίον Καλαμπάκιον τραυματίσθη σοβαρῶς ὁ μοτοποδηλατιστὴς Δημήτριος Παπαδόπουλος, ἐτῶν 37. ΤΑ ΧΘΕΣΙΝΑ ΑΤΥΧΗΜΑΤΑ Εἰς διάφορα τροχαῖα ἀτυχήματα τὰ ὁποῖα συνέβησαν χθὲς εἰς τὴν Θεσσαλονίκην, ἐτραυματίσθησαν ἑπτὰ ἄτομα, τὰ ὁποῖα μετεφέρθησαν εἰς τὸ νοσοκομεῖον «ΑΧΕΠΑ». ΕΙΣ ΤΟΝ ΒΟΛΟΝ ΒΟΛΟΣ, 6.— Θῦμα τροχαίου ἀτυχήματος ἐγένετο ὁ ἐκ Βόλου Δημήτριος Γεωργίου, ὁ ὁποῖος παρεσύρθη ὑπὸ διερχομένου αὐτοκινήτου. ΤΑ ΑΤΥΧΗΜΑΤΑ ΤΗΣ ΚΥΡΙΑΚΗΣ Κατὰ τὴν Κυριακὴν εἰς διάφορα σημεῖα τῆς πόλεως σημειώθησαν τροχαῖα ἀτυχήματα μὲ ἀποτέλεσμα τὸν τραυματισμὸν ἑπτὰ ἀτόμων. ΠΑΡΕΣΥΡΘΗ ΓΡΑΙΑ ΚΑΒΑΛΑ, 6.— Παρὰ τὴν Σαλίαν, παρεσύρθη ὑπὸ αὐτοκινήτου ἡ γραῖα Μαρία Νικολάου, ἐτῶν 77. ΕΦΟΝΕΥΘΗ ΠΕΖΟΣ ΑΘΗΝΑΙ, 6.— Εἰς τὴν ὁδὸν Πειραιῶς ἐφονεύθη πεζός, παρασυρθεὶς ὑπὸ ταχέως κινουμένου αὐτοκινήτου.
ΠΑΡΑ ΤΗΝ ΕΠΙΣΤΡΟΦΗΝ ΠΟΛΛΩΝ ΕΡΓΑΤΩΝ ΕΜΦΑΝΙΖΕΙ ΑΥΞΗΣΙΝ ΤΟ ΣΥΝΑΛΛΑΓΜΑ ΤΩΝ ΑΠΟΣΤΕΛΛΟΜΕΝΩΝ ΕΚ ΔΥΤ. ΓΕΡΜΑΝΙΑΣ
ΑΘΗΝΑΙ, 6.— Ὁ ἀριθμὸς τῶν Ἑλλήνων ἐργατῶν οἱ ὁποῖοι ἐπέστρεψαν ἐκ τῆς Δυτ. Γερμανίας κατὰ τὸ 1967 ἀνῆλθεν εἰς 29.000. Παρὰ ταῦτα τὸ συνάλλαγμα τῶν ἀποστελλομένων ἐμβασμάτων ἐμφανίζει αὔξησιν.
ΥΠΕΓΡΑΦΗ ΑΠΟΦΑΣΙΣ ΔΙΑ ΣΥΣΤΑΣΙΝ ΑΣΤΙΚΩΝ Κ.Τ.Ε.Λ. ΤΩΝ ΝΟΜΩΝ ΝΑΟΥΣΗΣ, ΚΙΛΚΙΣ ΚΑΙ ΑΛΕΞΑΝΔΡΟΥΠΟΛΕΩΣ
ΑΘΗΝΑΙ, 6.— Πρὸς τὸν σκοπὸν τῆς καλυτέρας ἐξυπηρετήσεως τοῦ κοινοῦ ὑπεγράφη ἡ ἀπόφασις διὰ τὴν σύστασιν ἀστικῶν Κ.Τ.Ε.Λ. εἰς τοὺς νομοὺς Ναούσης, Κιλκὶς καὶ Ἀλεξανδρουπόλεως.
Η ΕΟΡΤΗ ΤΗΣ ΗΜΕΡΑΣ ΤΗΣ ΧΩΡΟΦΥΛΑΚΗΣ
ΣΥΝΕΧΕΙΑ ΕΚ ΤΗΣ 3ΗΣ ΣΕΛ.
ἡ ἀρχὴ τῆς Βεροίας καὶ πλῆθος κόσμου.
ΕΙΣ ΤΗΝ ΕΔΕΣΣΑΝ
ΕΔΕΣΣΑ, 6.— Μὲ λαμπρότητα ἑωρτάσθη ἡ ἡμέρα τῆς Χωροφυλακῆς εἰς τὴν πόλιν μας.
ΕΙΣ ΤΗΝ ΚΑΤΕΡΙΝΗΝ
ΚΑΤΕΡΙΝΗ, 6.— Ἐπὶ τῇ ἑορτῇ τῆς ἡμέρας τῆς Χωροφυλακῆς ἐτελέσθη δοξολογία.
ΕΙΣ ΤΗΝ ΚΑΣΤΟΡΙΑΝ
ΚΑΣΤΟΡΙΑ, 6.— Ἐπὶ τῇ ἑορτῇ τῆς ἡμέρας
ΑΠΗΓΑΓΕ ΝΕΑΝΙΔΑ
ΚΟΖΑΝΗ, 6.— Ὁ 24ετὴς Γεώργιος Καραγιάννης ἀπήγαγε τὴν νεαρὰν Ἀθανασίαν, ἐτῶν 17, καὶ ἐξηφανίσθη.
